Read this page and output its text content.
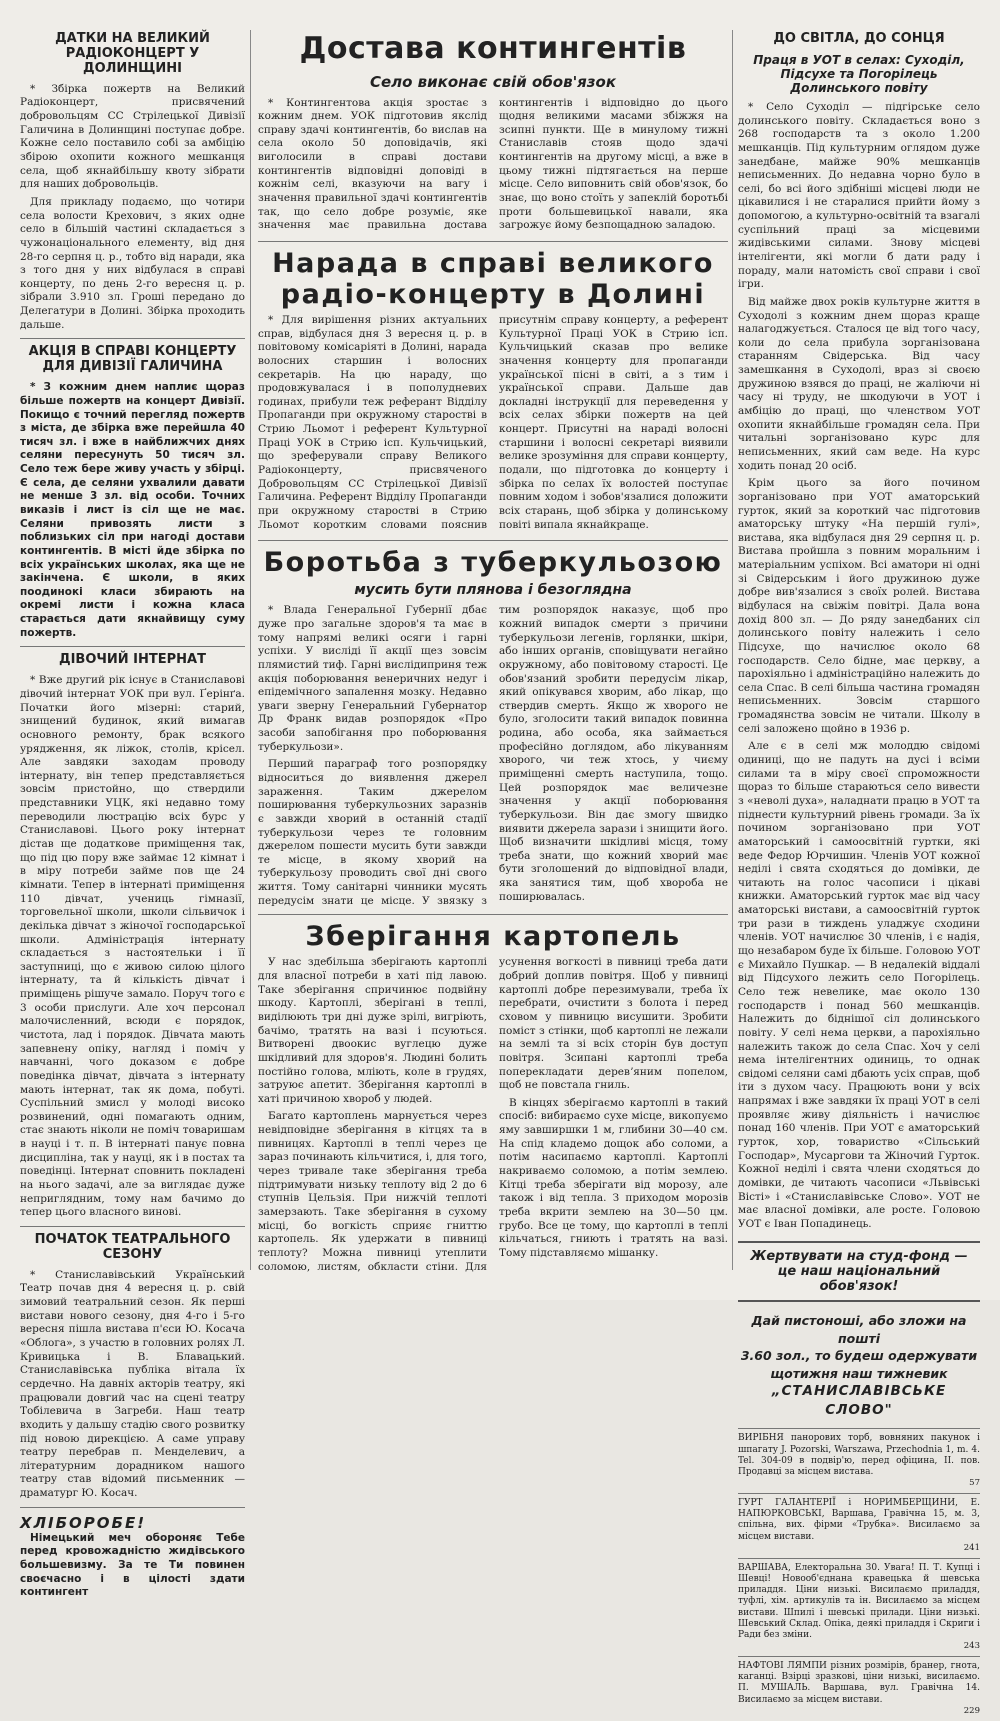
ДАТКИ НА ВЕЛИКИЙ РАДІОКОНЦЕРТ У ДОЛИНЩИНІ

* Збірка пожертв на Великий Радіоконцерт, присвячений добровольцям СС Стрілецької Дивізії Галичина в Долинщині поступає добре. Кожне село поставило собі за амбіцію збірою охопити кожного мешканця села, щоб якнайбільшу квоту зібрати для наших добровольців.

Для прикладу подаємо, що чотири села волости Крехович, з яких одне село в більшій частині складається з чужонаціонального елементу, від дня 28-го серпня ц. р., тобто від наради, яка з того дня у них відбулася в справі концерту, по день 2-го вересня ц. р. зібрали 3.910 зл. Гроші передано до Делегатури в Долині. Збірка проходить дальше.

АКЦІЯ В СПРАВІ КОНЦЕРТУ ДЛЯ ДИВІЗІЇ ГАЛИЧИНА

* З кожним днем наплиє щораз більше пожертв на концерт Дивізії. Покищо є точний перегляд пожертв з міста, де збірка вже перейшла 40 тисяч зл. і вже в найближчих днях селяни пересунуть 50 тисяч зл. Село теж бере живу участь у збірці. Є села, де селяни ухвалили давати не менше 3 зл. від особи. Точних виказів і лист із сіл ще не має. Селяни привозять листи з поблизьких сіл при нагоді достави контингентів. В місті йде збірка по всіх українських школах, яка ще не закінчена. Є школи, в яких поодинокі класи збирають на окремі листи і кожна класа старається дати якнайвищу суму пожертв.

ДІВОЧИЙ ІНТЕРНАТ

* Вже другий рік існує в Станиславові дівочий інтернат УОК при вул. Ґерінґа. Початки його мізерні: старий, знищений будинок, який вимагав основного ремонту, брак всякого урядження, як ліжок, столів, крісел. Але завдяки заходам проводу інтернату, він тепер представляється зовсім пристойно, що ствердили представники УЦК, які недавно тому переводили люстрацію всіх бурс у Станиславові. Цього року інтернат дістав ще додаткове приміщення так, що під цю пору вже займає 12 кімнат і в міру потреби займе пов ще 24 кімнати. Тепер в інтернаті приміщення 110 дівчат, учениць гімназії, торговельної школи, школи сільвичок і декілька дівчат з жіночої господарської школи. Адміністрація інтернату складається з настоятельки і її заступниці, що є живою силою цілого інтернату, та й кількість дівчат і приміщень рішуче замало. Поруч того є 3 особи прислуги. Але хоч персонал малочисленний, всюди є порядок, чистота, лад і порядок. Дівчата мають запевнену опіку, нагляд і поміч у навчанні, чого доказом є добре поведінка дівчат, дівчата з інтернату мають інтернат, так як дома, побуті. Суспільний змисл у молоді високо розвинений, одні помагають одним, стає знають ніколи не поміч товаришам в науці і т. п. В інтернаті панує повна дисципліна, так у науці, як і в постах та поведінці. Інтернат сповнить покладені на нього задачі, але за виглядає дуже неприглядним, тому нам бачимо до тепер цього власного винові.

ПОЧАТОК ТЕАТРАЛЬНОГО СЕЗОНУ

* Станиславівський Український Театр почав дня 4 вересня ц. р. свій зимовий театральний сезон. Як перші вистави нового сезону, дня 4-го і 5-го вересня пішла вистава п'єси Ю. Косача «Облога», з участю в головних ролях Л. Кривицька і В. Блавацький. Станиславівська публіка вітала їх сердечно. На давніх акторів театру, які працювали довгий час на сцені театру Тобілевича в Загреби. Наш театр входить у дальшу стадію свого розвитку під новою дирекцією. А саме управу театру перебрав п. Менделевич, а літературним дорадником нашого театру став відомий письменник — драматург Ю. Косач.

ХЛІБОРОБЕ!

Німецький меч обороняє Тебе перед кровожадністю жидівського большевизму. За те Ти повинен своєчасно і в цілості здати контингент

Достава контингентів
Село виконає свій обов'язок

* Контингентова акція зростає з кожним днем. УОК підготовив якслід справу здачі контингентів, бо вислав на села около 50 доповідачів, які виголосили в справі достави контингентів відповідні доповіді в кожнім селі, вказуючи на вагу і значення правильної здачі контингентів так, що село добре розуміє, яке значення має правильна достава контингентів і відповідно до цього щодня великими масами збіжжя на зсипні пункти. Ще в минулому тижні Станиславів стояв щодо здачі контингентів на другому місці, а вже в цьому тижні підтягається на перше місце. Село виповнить свій обов'язок, бо знає, що воно стоїть у запеклій боротьбі проти большевицької навали, яка загрожує йому безпощадною заладою.

Нарада в справі великого радіо-концерту в Долині

* Для вирішення різних актуальних справ, відбулася дня 3 вересня ц. р. в повітовому комісаріяті в Долині, нарада волосних старшин і волосних секретарів. На цю нараду, що продовжувалася і в пополудневих годинах, прибули теж реферант Відділу Пропаганди при окружному старостві в Стрию Льомот і референт Культурної Праці УОК в Стрию ісп. Кульчицький, що зреферували справу Великого Радіоконцерту, присвяченого Добровольцям СС Стрілецької Дивізії Галичина. Референт Відділу Пропаганди при окружному старостві в Стрию Льомот коротким словами пояснив присутнім справу концерту, а референт Культурної Праці УОК в Стрию ісп. Кульчицький сказав про велике значення концерту для пропаганди української пісні в світі, а з тим і української справи. Дальше дав докладні інструкції для переведення у всіх селах збірки пожертв на цей концерт. Присутні на нараді волосні старшини і волосні секретарі виявили велике зрозуміння для справи концерту, подали, що підготовка до концерту і збірка по селах їх волостей поступає повним ходом і зобов'язалися доложити всіх старань, щоб збірка у долинському повіті випала якнайкраще.

Боротьба з туберкульозою
мусить бути плянова і безоглядна

* Влада Генеральної Губернії дбає дуже про загальне здоров'я та має в тому напрямі великі осяги і гарні успіхи. У висліді її акції щез зовсім плямистий тиф. Гарні вислідиприня теж акція поборювання венеричних недуг і епідемічного запалення мозку. Недавно уваги зверну Генеральний Губернатор Др Франк видав розпорядок «Про засоби запобігання про поборювання туберкульози».

Перший параграф того розпорядку відноситься до виявлення джерел зараження. Таким джерелом поширювання туберкульозних заразнів є завжди хворий в останній стадії туберкульози через те головним джерелом пошести мусить бути завжди те місце, в якому хворий на туберкульозу проводить свої дні свого життя. Тому санітарні чинники мусять передусім знати це місце. У звязку з тим розпорядок наказує, щоб про кожний випадок смерти з причини туберкульози легенів, горлянки, шкіри, або інших органів, сповіщувати негайно окружному, або повітовому старості. Це обов'язаний зробити передусім лікар, який опікувався хворим, або лікар, що ствердив смерть. Якщо ж хворого не було, зголосити такий випадок повинна родина, або особа, яка займається професійно доглядом, або лікуванням хворого, чи теж хтось, у чиєму приміщенні смерть наступила, тощо. Цей розпорядок має величезне значення у акції поборювання туберкульози. Він дає змогу швидко виявити джерела зарази і знищити його. Щоб визначити шкідливі місця, тому треба знати, що кожний хворий має бути зголошений до відповідної влади, яка занятися тим, щоб хвороба не поширювалась.

Зберігання картопель

У нас здебільша зберігають картоплі для власної потреби в хаті під лавою. Таке зберігання спричинює подвійну шкоду. Картоплі, зберігані в теплі, виділюють три дні дуже зрілі, вигріють, бачімо, тратять на вазі і псуються. Витворені двоокис вуглецю дуже шкідливий для здоров'я. Людині болить постійно голова, мліють, коле в грудях, затруює апетит. Зберігання картоплі в хаті причиною хвороб у людей.

Багато картоплень марнується через невідповідне зберігання в кітцях та в пивницях. Картоплі в теплі через це зараз починають кільчитися, і, для того, через тривале таке зберігання треба підтримувати низьку теплоту від 2 до 6 ступнів Цельзія. При нижчій теплоті замерзають. Таке зберігання в сухому місці, бо вогкість сприяє гниттю картопель. Як удержати в пивниці теплоту? Можна пивниці утеплити соломою, листям, обкласти стіни. Для усунення вогкості в пивниці треба дати добрий доплив повітря. Щоб у пивниці картоплі добре перезимували, треба їх перебрати, очистити з болота і перед сховом у пивницю висушити. Зробити поміст з стінки, щоб картоплі не лежали на землі та зі всіх сторін був доступ повітря. Зсипані картоплі треба поперекладати деревʼяним попелом, щоб не повстала гниль.

В кінцях зберігаємо картоплі в такий спосіб: вибираємо сухе місце, викопуємо яму завширшки 1 м, глибини 30—40 см. На спід кладемо дощок або соломи, а потім насипаємо картоплі. Картоплі накриваємо соломою, а потім землею. Кітці треба зберігати від морозу, але також і від тепла. З приходом морозів треба вкрити землею на 30—50 цм. грубо. Все це тому, що картоплі в теплі кільчаться, гниють і тратять на вазі. Тому підставляємо мішанку.

ДО СВІТЛА, ДО СОНЦЯ
Праця в УОТ в селах: Суходіл, Підсухе та Погорілець Долинського повіту

* Село Суходіл — підгірське село долинського повіту. Складається воно з 268 господарств та з около 1.200 мешканців. Під культурним оглядом дуже занедбане, майже 90% мешканців неписьменних. До недавна чорно було в селі, бо всі його здібніші місцеві люди не цікавилися і не старалися прийти йому з допомогою, а культурно-освітній та взагалі суспільний праці за місцевими жидівськими силами. Знову місцеві інтелігенти, які могли б дати раду і пораду, мали натомість свої справи і свої ігри.

Від майже двох років культурне життя в Суходолі з кожним днем щораз краще налагоджується. Сталося це від того часу, коли до села прибула зорганізована старанням Свідерська. Від часу замешкання в Суходолі, враз зі своєю дружиною взявся до праці, не жаліючи ні часу ні труду, не шкодуючи в УОТ і амбіцію до праці, що членством УОТ охопити якнайбільше громадян села. При читальні зорганізовано курс для неписьменних, який сам веде. На курс ходить понад 20 осіб.

Крім цього за його почином зорганізовано при УОТ аматорський гурток, який за короткий час підготовив аматорську штуку «На першій гулі», вистава, яка відбулася дня 29 серпня ц. р. Вистава пройшла з повним моральним і матеріальним успіхом. Всі аматори ні одні зі Свідерським і його дружиною дуже добре вив'язалися з своїх ролей. Вистава відбулася на свіжім повітрі. Дала вона дохід 800 зл. — До ряду занедбаних сіл долинського повіту належить і село Підсухе, що начислює около 68 господарств. Село бідне, має церкву, а парохіяльно і адміністраційно належить до села Спас. В селі більша частина громадян неписьменних. Зовсім старшого громадянства зовсім не читали. Школу в селі заложено щойно в 1936 р.

Але є в селі мж молоддю свідомі одиниці, що не падуть на дусі і всіми силами та в міру своєї спроможности щораз то більше стараються село вивести з «неволі духа», наладнати працю в УОТ та піднести культурний рівень громади. За їх почином зорганізовано при УОТ аматорський і самоосвітній гуртки, які веде Федор Юрчишин. Членів УОТ кожної неділі і свята сходяться до домівки, де читають на голос часописи і цікаві книжки. Аматорський гурток має від часу аматорські вистави, а самоосвітній гурток три рази в тиждень уладжує сходини членів. УОТ начислює 30 членів, і є надія, що незабаром буде їх більше. Головою УОТ є Михайло Пушкар. — В недалекій віддалі від Підсухого лежить село Погорілець. Село теж невелике, має около 130 господарств і понад 560 мешканців. Належить до біднішої сіл долинського повіту. У селі нема церкви, а парохіяльно належить також до села Спас. Хоч у селі нема інтелігентних одиниць, то однак свідомі селяни самі дбають усіх справ, щоб іти з духом часу. Працюють вони у всіх напрямах і вже завдяки їх праці УОТ в селі проявляє живу діяльність і начислює понад 160 членів. При УОТ є аматорський гурток, хор, товариство «Сільський Господар», Мусаргови та Жіночий Гурток. Кожної неділі і свята члени сходяться до домівки, де читають часописи «Львівські Вісті» і «Станиславівське Слово». УОТ не має власної домівки, але росте. Головою УОТ є Іван Попадинець.

Жертвувати на студ-фонд — це наш національний обов'язок!
Дай пистоноші, або зложи на пошті
3.60 зол., то будеш одержувати щотижня наш тижневик
„СТАНИСЛАВІВСЬКЕ СЛОВО"

ВИРІБНЯ панорових торб, вовняних пакунок і шпагату J. Pozorski, Warszawa, Przechodnia 1, m. 4. Tel. 304-09 в подвір'ю, перед офіцина, ІІ. пов. Продавці за місцем вистава.
57

ГУРТ ГАЛАНТЕРІЇ і НОРИМБЕРЩИНИ, Е. НАПЮРКОВСЬКІ, Варшава, Гравічна 15, м. 3, спільна, вих. фірми «Трубка». Висилаємо за місцем вистави.
241

ВАРШАВА, Електоральна 30. Увага! П. Т. Купці і Шевці! Новооб'єднана кравецька й шевська приладдя. Ціни низькі. Висилаємо приладдя, туфлі, хім. артикулів та ін. Висилаємо за місцем вистави. Шпилі і шевські прилади. Ціни низькі. Шевський Склад. Опіка, деякі приладдя і Скриги і Ради без зміни.
243

НАФТОВІ ЛЯМПИ різних розмірів, бранер, гнота, каганці. Взірці зразкові, ціни низькі, висилаємо. П. МУШАЛЬ. Варшава, вул. Гравічна 14. Висилаємо за місцем вистави.
229
